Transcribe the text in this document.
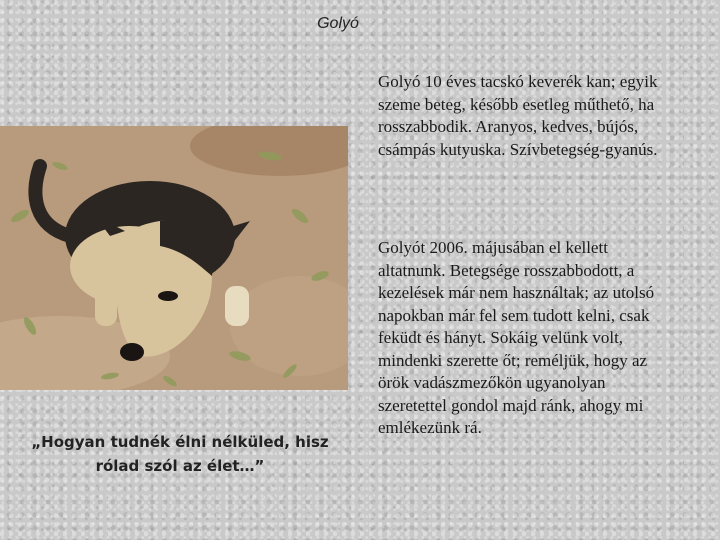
Golyó
„Hogyan tudnék élni nélküled, hisz rólad szól az élet…”

Golyó 10 éves tacskó keverék kan; egyik szeme beteg, később esetleg műthető, ha rosszabbodik. Aranyos, kedves, bújós, csámpás kutyuska. Szívbetegség-gyanús.

Golyót 2006. májusában el kellett altatnunk. Betegsége rosszabbodott, a kezelések már nem használtak; az utolsó napokban már fel sem tudott kelni, csak feküdt és hányt. Sokáig velünk volt, mindenki szerette őt; reméljük, hogy az örök vadászmezőkön ugyanolyan szeretettel gondol majd ránk, ahogy mi emlékezünk rá.
